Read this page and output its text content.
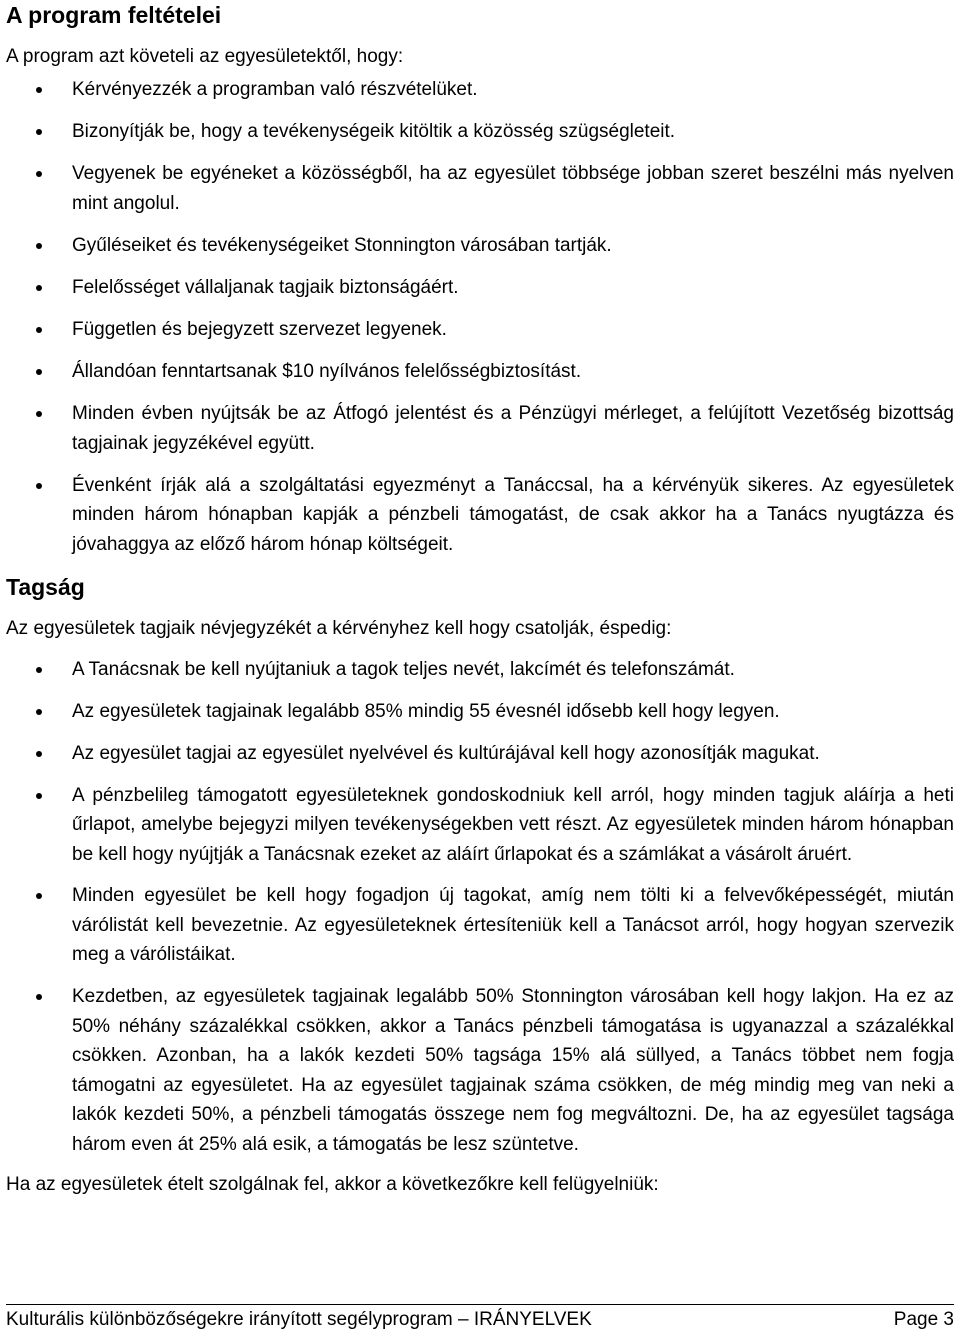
A program feltételei

A program azt követeli az egyesületektől, hogy:

Kérvényezzék a programban való részvételüket.
Bizonyítják be, hogy a tevékenységeik kitöltik a közösség szügségleteit.
Vegyenek be egyéneket a közösségből, ha az egyesület többsége jobban szeret beszélni más nyelven mint angolul.
Gyűléseiket és tevékenységeiket Stonnington városában tartják.
Felelősséget vállaljanak tagjaik biztonságáért.
Független és bejegyzett szervezet legyenek.
Állandóan fenntartsanak $10 nyílvános felelősségbiztosítást.
Minden évben nyújtsák be az Átfogó jelentést és a Pénzügyi mérleget, a felújított Vezetőség bizottság tagjainak jegyzékével együtt.
Évenként írják alá a szolgáltatási egyezményt a Tanáccsal, ha a kérvényük sikeres. Az egyesületek minden három hónapban kapják a pénzbeli támogatást, de csak akkor ha a Tanács nyugtázza és jóvahaggya az előző három hónap költségeit.
Tagság

Az egyesületek tagjaik névjegyzékét a kérvényhez kell hogy csatolják, éspedig:

A Tanácsnak be kell nyújtaniuk a tagok teljes nevét, lakcímét és telefonszámát.
Az egyesületek tagjainak legalább 85% mindig 55 évesnél idősebb kell hogy legyen.
Az egyesület tagjai az egyesület nyelvével és kultúrájával kell hogy azonosítják magukat.
A pénzbelileg támogatott egyesületeknek gondoskodniuk kell arról, hogy minden tagjuk aláírja a heti űrlapot, amelybe bejegyzi milyen tevékenységekben vett részt. Az egyesületek minden három hónapban be kell hogy nyújtják a Tanácsnak ezeket az aláírt űrlapokat és a számlákat a vásárolt áruért.
Minden egyesület be kell hogy fogadjon új tagokat, amíg nem tölti ki a felvevőképességét, miután várólistát kell bevezetnie. Az egyesületeknek értesíteniük kell a Tanácsot arról, hogy hogyan szervezik meg a várólistáikat.
Kezdetben, az egyesületek tagjainak legalább 50% Stonnington városában kell hogy lakjon. Ha ez az 50% néhány százalékkal csökken, akkor a Tanács pénzbeli támogatása is ugyanazzal a százalékkal csökken. Azonban, ha a lakók kezdeti 50% tagsága 15% alá süllyed, a Tanács többet nem fogja támogatni az egyesületet. Ha az egyesület tagjainak száma csökken, de még mindig meg van neki a lakók kezdeti 50%, a pénzbeli támogatás összege nem fog megváltozni. De, ha az egyesület tagsága három even át 25% alá esik, a támogatás be lesz szüntetve.

Ha az egyesületek ételt szolgálnak fel, akkor a következőkre kell felügyelniük:

Kulturális különbözőségekre irányított segélyprogram – IRÁNYELVEK	Page 3
